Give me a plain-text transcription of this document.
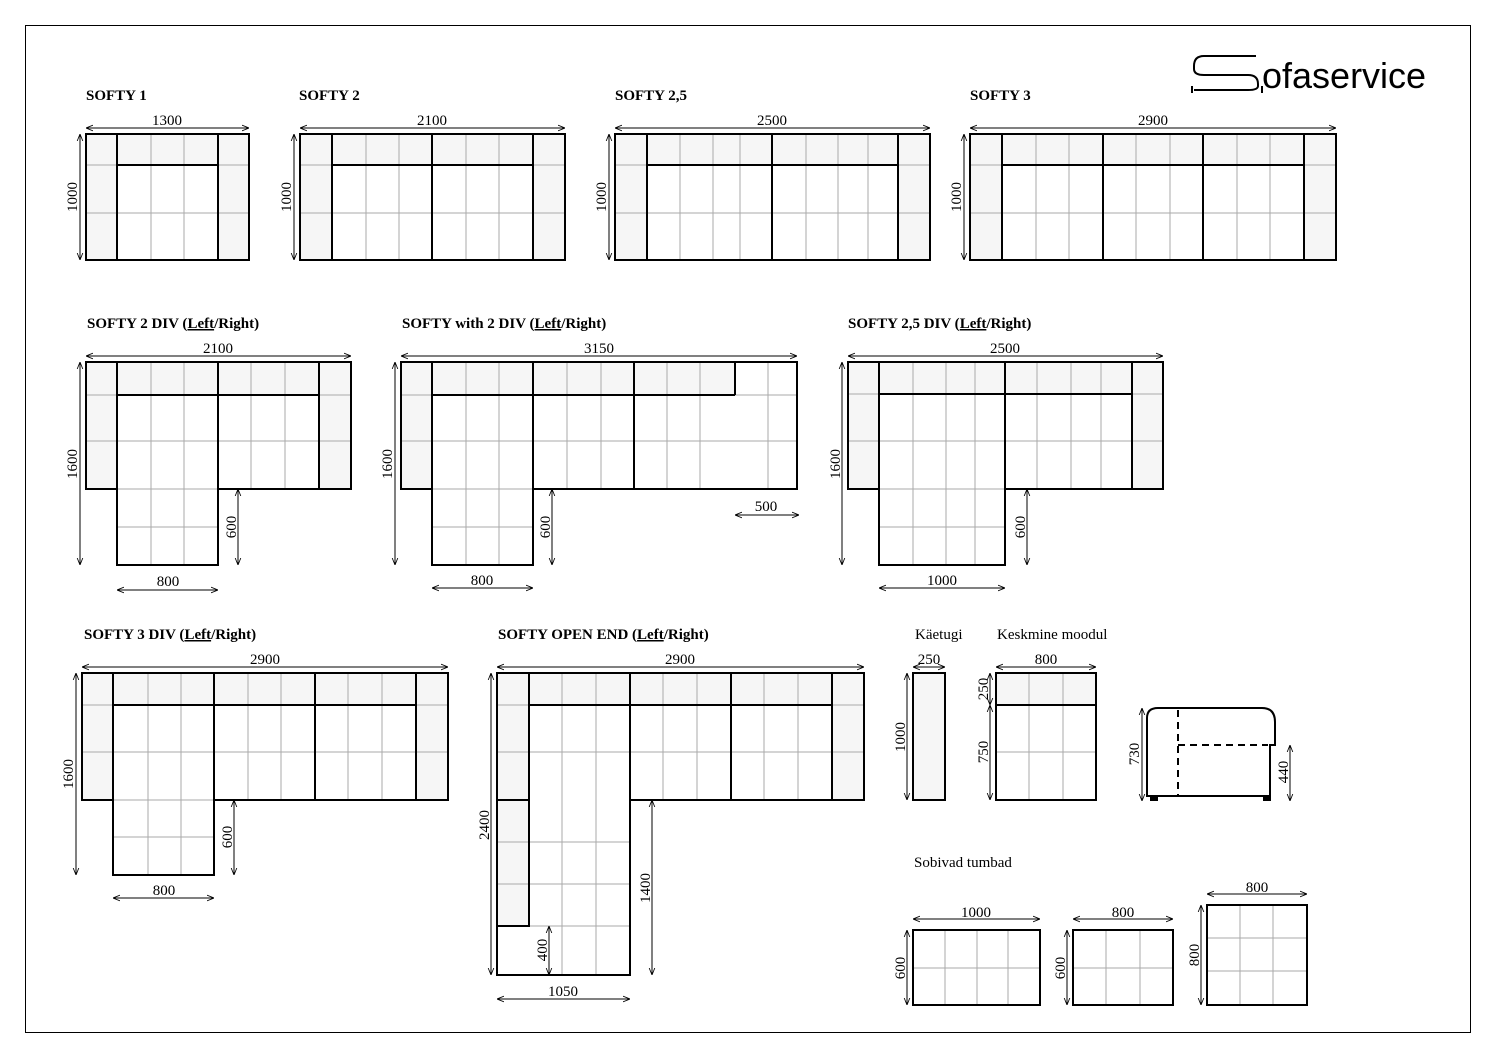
ofaservice
SOFTY 1
1300
1000
SOFTY 2
2100
1000
SOFTY 2,5
2500
1000
SOFTY 3
2900
1000
SOFTY 2 DIV (Left/Right)
2100
1600
600
800
SOFTY with 2 DIV (Left/Right)
3150
1600
600
800
500
SOFTY 2,5 DIV (Left/Right)
2500
1600
600
1000
SOFTY 3 DIV (Left/Right)
2900
1600
600
800
SOFTY OPEN END (Left/Right)
2900
2400
1400
400
1050
Käetugi
250
1000
Keskmine moodul
800
250
750	730
440
Sobivad tumbad
1000
600
800
600
800
800
